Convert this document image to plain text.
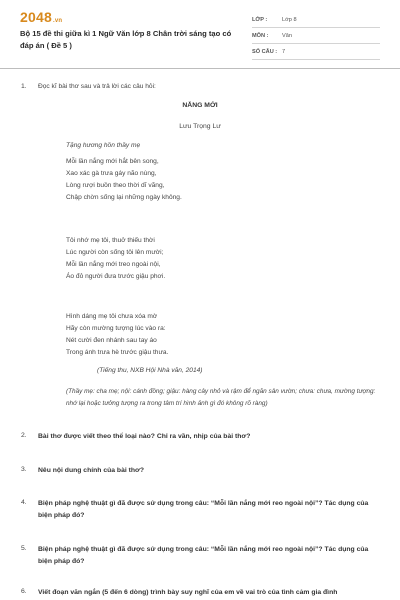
2048.vn
Bộ 15 đề thi giữa kì 1 Ngữ Văn lớp 8 Chân trời sáng tạo có đáp án ( Đề 5 )
LỚP :	Lớp 8
MÔN :	Văn
SỐ CÂU : 7
1. Đọc kĩ bài thơ sau và trả lời các câu hỏi:
NẮNG MỚI
Lưu Trọng Lư
Tặng hương hồn thầy mẹ
Mỗi lần nắng mới hắt bên song,
Xao xác gà trưa gáy não nùng,
Lòng rượi buồn theo thời dĩ vãng,
Chập chờn sống lại những ngày không.
Tôi nhớ mẹ tôi, thuở thiếu thời
Lúc người còn sống tôi lên mười;
Mỗi lần nắng mới treo ngoài nội,
Áo đỏ người đưa trước giậu phơi.
Hình dáng mẹ tôi chưa xóa mờ
Hãy còn mường tượng lúc vào ra:
Nét cười đen nhánh sau tay áo
Trong ánh trưa hè trước giậu thưa.
(Tiếng thu, NXB Hội Nhà văn, 2014)
(Thầy mẹ: cha mẹ; nội: cánh đồng; giậu: hàng cây nhỏ và rậm để ngăn sân vườn; chưa: chưa, mường tượng: nhớ lại hoặc tưởng tượng ra trong tâm trí hình ảnh gì đó không rõ ràng)
2. Bài thơ được viết theo thể loại nào? Chỉ ra vần, nhịp của bài thơ?
3. Nêu nội dung chính của bài thơ?
4. Biện pháp nghệ thuật gì đã được sử dụng trong câu: “Mỗi lần nắng mới reo ngoài nội”? Tác dụng của biện pháp đó?
5. Biện pháp nghệ thuật gì đã được sử dụng trong câu: “Mỗi lần nắng mới reo ngoài nội”? Tác dụng của biện pháp đó?
6. Viết đoạn văn ngắn (5 đến 6 dòng) trình bày suy nghĩ của em về vai trò của tình cảm gia đình
